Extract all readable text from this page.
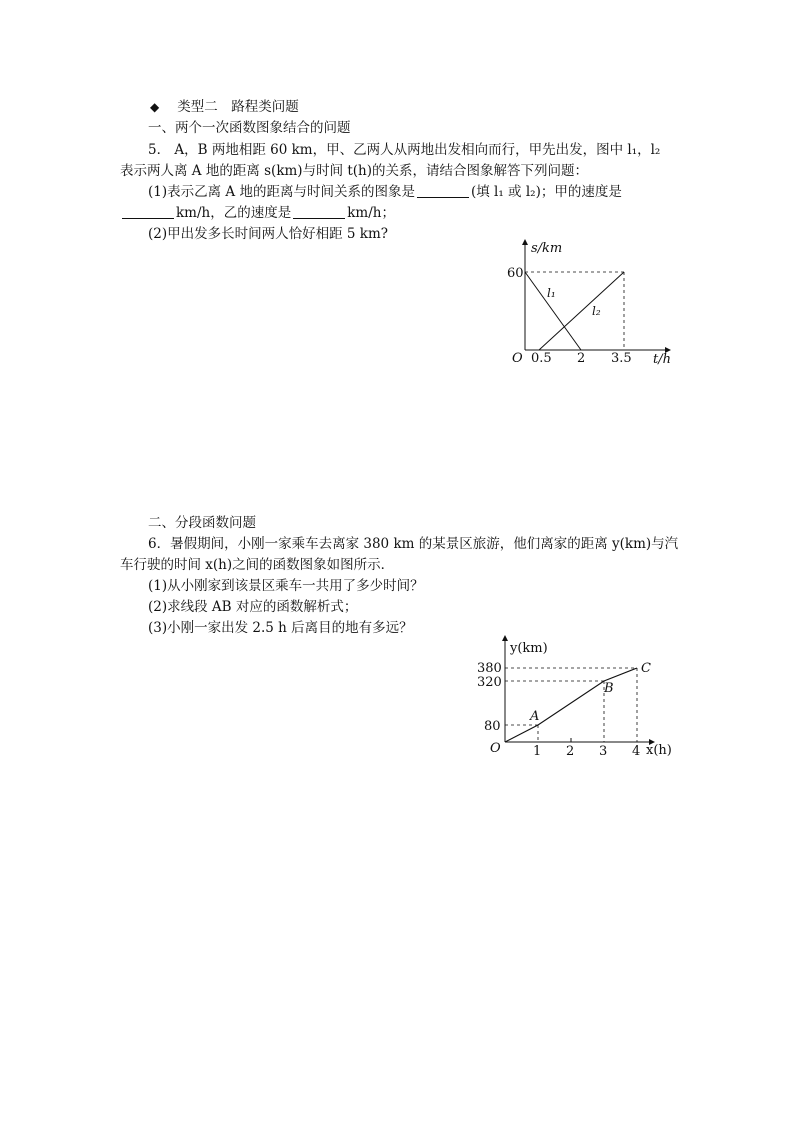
◆ 类型二　路程类问题
一、两个一次函数图象结合的问题
5． A，B 两地相距 60 km，甲、乙两人从两地出发相向而行，甲先出发，图中 l₁，l₂
表示两人离 A 地的距离 s(km)与时间 t(h)的关系，请结合图象解答下列问题：
(1)表示乙离 A 地的距离与时间关系的图象是	(填 l₁ 或 l₂)；甲的速度是
km/h，乙的速度是	km/h；
(2)甲出发多长时间两人恰好相距 5 km?
s/km
t/h
O
60
0.5 2 3.5
l₁
l₂
二、分段函数问题
6．暑假期间，小刚一家乘车去离家 380 km 的某景区旅游，他们离家的距离 y(km)与汽
车行驶的时间 x(h)之间的函数图象如图所示．
(1)从小刚家到该景区乘车一共用了多少时间？
(2)求线段 AB 对应的函数解析式；
(3)小刚一家出发 2.5 h 后离目的地有多远？
y(km)
x(h)
O
380
320
80
1 2 3 4
A
B
C
